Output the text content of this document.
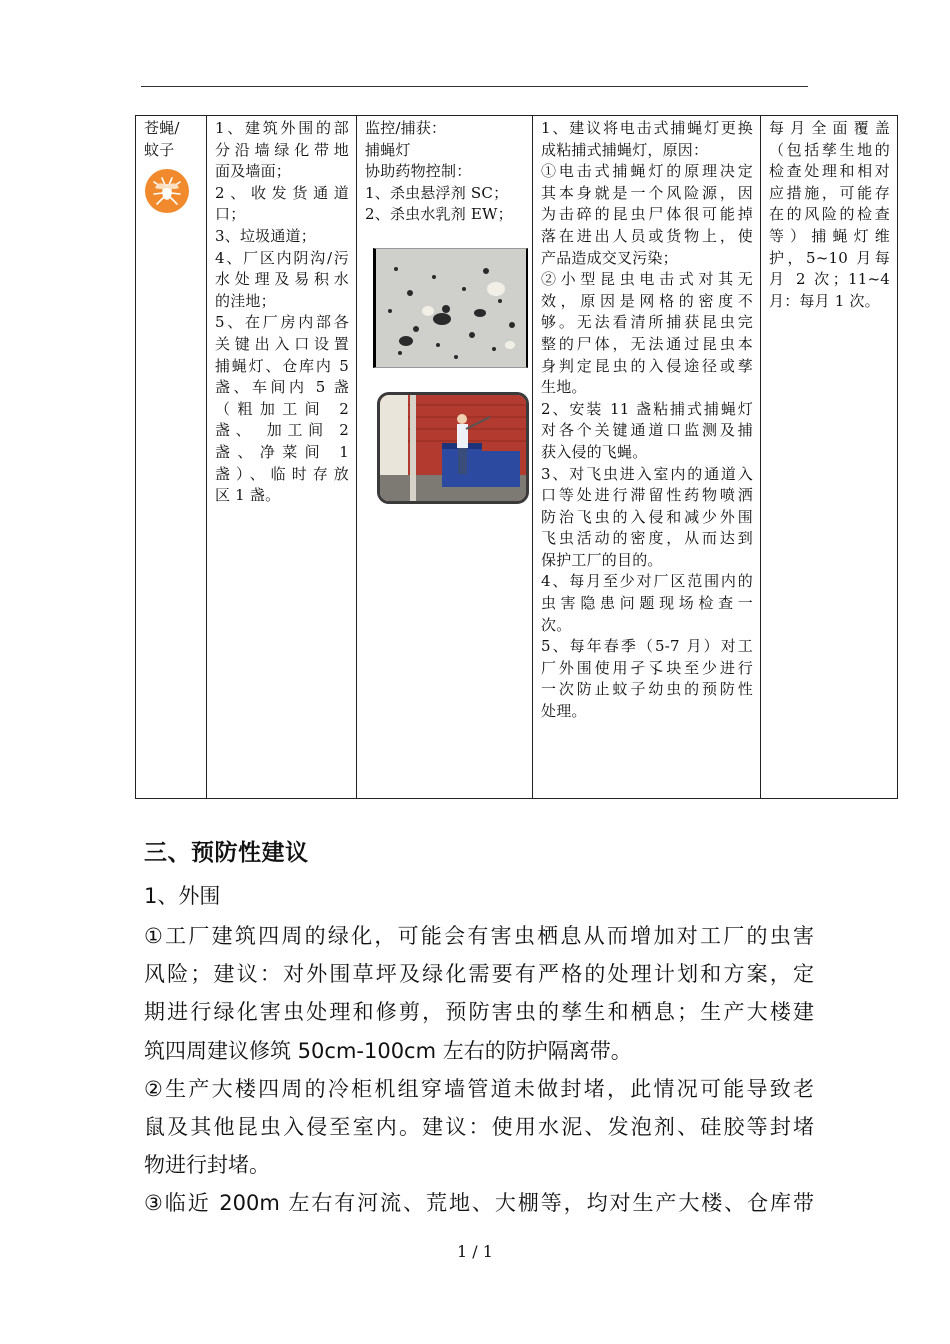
苍蝇/
蚊子

1、建筑外围的部
分沿墙绿化带地
面及墙面；
2、收发货通道
口；
3、垃圾通道；
4、厂区内阴沟/污
水处理及易积水
的洼地；
5、在厂房内部各
关键出入口设置
捕蝇灯、仓库内 5
盏、车间内 5 盏
（粗加工间 2
盏、 加工间 2
盏、净菜间 1
盏）、临时存放
区 1 盏。

监控/捕获：
捕蝇灯
协助药物控制：
1、杀虫悬浮剂 SC；
2、杀虫水乳剂 EW；

1、建议将电击式捕蝇灯更换
成粘捕式捕蝇灯，原因：
①电击式捕蝇灯的原理决定
其本身就是一个风险源，因
为击碎的昆虫尸体很可能掉
落在进出人员或货物上，使
产品造成交叉污染；
②小型昆虫电击式对其无
效，原因是网格的密度不
够。无法看清所捕获昆虫完
整的尸体，无法通过昆虫本
身判定昆虫的入侵途径或孳
生地。
2、安装 11 盏粘捕式捕蝇灯
对各个关键通道口监测及捕
获入侵的飞蝇。
3、对飞虫进入室内的通道入
口等处进行滞留性药物喷洒
防治飞虫的入侵和减少外围
飞虫活动的密度，从而达到
保护工厂的目的。
4、每月至少对厂区范围内的
虫害隐患问题现场检查一
次。
5、每年春季（5-7 月）对工
厂外围使用孑孓块至少进行
一次防止蚊子幼虫的预防性
处理。

每月全面覆盖
（包括孳生地的
检查处理和相对
应措施，可能存
在的风险的检查
等）捕蝇灯维
护，5~10 月每
月 2 次；11~4
月：每月 1 次。
三、预防性建议
1、外围
①工厂建筑四周的绿化，可能会有害虫栖息从而增加对工厂的虫害
风险；建议：对外围草坪及绿化需要有严格的处理计划和方案，定
期进行绿化害虫处理和修剪，预防害虫的孳生和栖息；生产大楼建
筑四周建议修筑 50cm-100cm 左右的防护隔离带。
②生产大楼四周的冷柜机组穿墙管道未做封堵，此情况可能导致老
鼠及其他昆虫入侵至室内。建议：使用水泥、发泡剂、硅胶等封堵
物进行封堵。
③临近 200m 左右有河流、荒地、大棚等，均对生产大楼、仓库带
1 / 1
